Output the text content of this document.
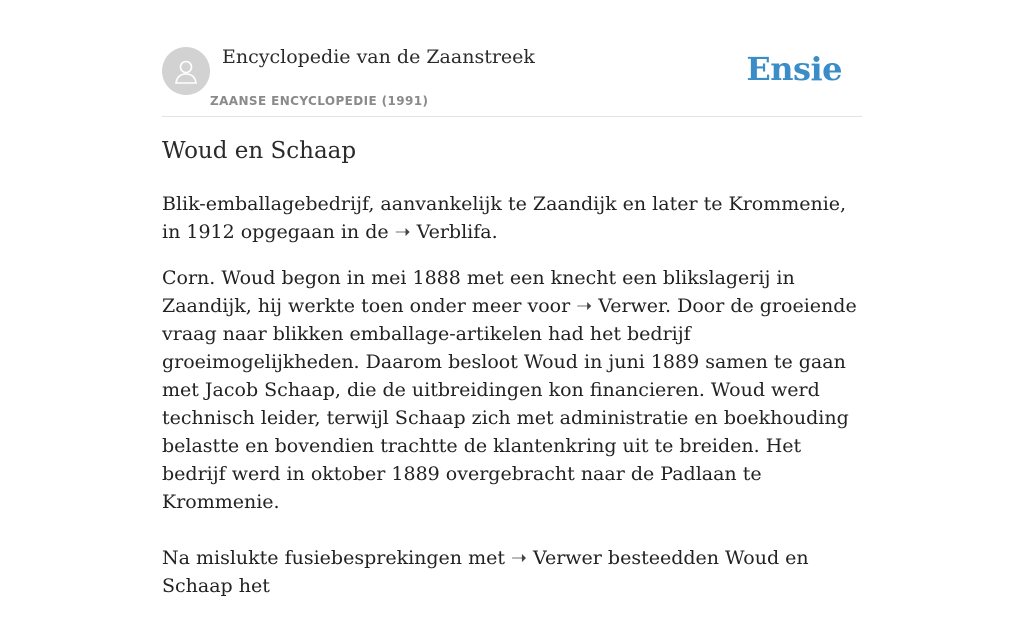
Encyclopedie van de Zaanstreek
ZAANSE ENCYCLOPEDIE (1991)
Ensie
Woud en Schaap

Blik-emballagebedrijf, aanvankelijk te Zaandijk en later te Krommenie, in 1912 opgegaan in de ➝ Verblifa.

Corn. Woud begon in mei 1888 met een knecht een blikslagerij in Zaandijk, hij werkte toen onder meer voor ➝ Verwer. Door de groeiende vraag naar blikken emballage-artikelen had het bedrijf groeimogelijkheden. Daarom besloot Woud in juni 1889 samen te gaan met Jacob Schaap, die de uitbreidingen kon financieren. Woud werd technisch leider, terwijl Schaap zich met administratie en boekhouding belastte en bovendien trachtte de klantenkring uit te breiden. Het bedrijf werd in oktober 1889 overgebracht naar de Padlaan te Krommenie.

Na mislukte fusiebesprekingen met ➝ Verwer besteedden Woud en Schaap het
